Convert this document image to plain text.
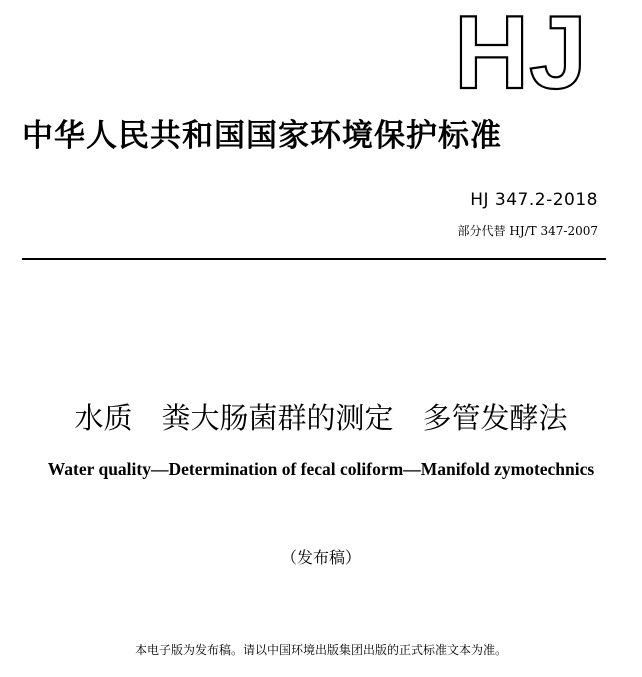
HJ
中华人民共和国国家环境保护标准
HJ 347.2-2018
部分代替 HJ/T 347-2007
水质　粪大肠菌群的测定　多管发酵法
Water quality—Determination of fecal coliform—Manifold zymotechnics
（发布稿）
本电子版为发布稿。请以中国环境出版集团出版的正式标准文本为准。
